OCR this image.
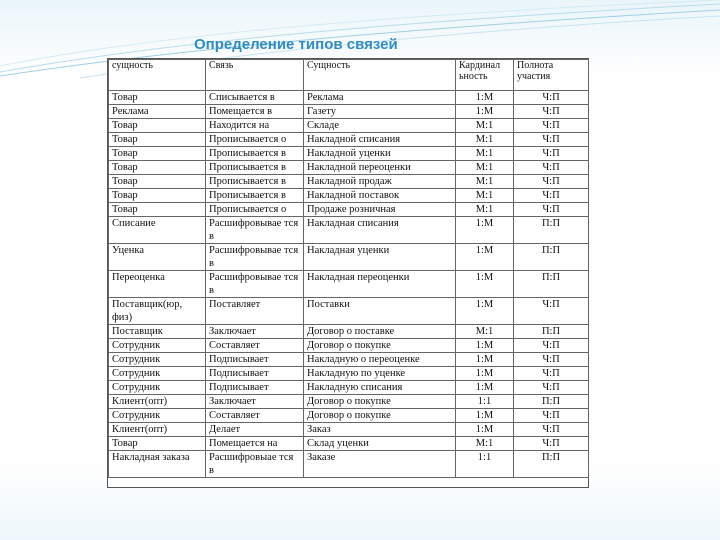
Определение типов связей
сущность	Связь	Сущность	Кардинал ьность	Полнота участия
Товар	Списывается в	Реклама	1:М	Ч:П
Реклама	Помещается в	Газету	1:М	Ч:П
Товар	Находится на	Складе	М:1	Ч:П
Товар	Прописывается о	Накладной списания	М:1	Ч:П
Товар	Прописывается в	Накладной уценки	М:1	Ч:П
Товар	Прописывается в	Накладной переоценки	М:1	Ч:П
Товар	Прописывается в	Накладной продаж	М:1	Ч:П
Товар	Прописывается в	Накладной поставок	М:1	Ч:П
Товар	Прописывается о	Продаже розничная	М:1	Ч:П
Списание	Расшифровывае тся в	Накладная списания	1:М	П:П
Уценка	Расшифровывае тся в	Накладная уценки	1:М	П:П
Переоценка	Расшифровывае тся в	Накладная переоценки	1:М	П:П
Поставщик(юр, физ)	Поставляет	Поставки	1:М	Ч:П
Поставщик	Заключает	Договор о поставке	М:1	П:П
Сотрудник	Составляет	Договор о покупке	1:М	Ч:П
Сотрудник	Подписывает	Накладную о переоценке	1:М	Ч:П
Сотрудник	Подписывает	Накладную по уценке	1:М	Ч:П
Сотрудник	Подписывает	Накладную списания	1:М	Ч:П
Клиент(опт)	Заключает	Договор о покупке	1:1	П:П
Сотрудник	Составляет	Договор о покупке	1:М	Ч:П
Клиент(опт)	Делает	Заказ	1:М	Ч:П
Товар	Помещается на	Склад уценки	М:1	Ч:П
Накладная заказа	Расшифровыае тся в	Заказе	1:1	П:П
